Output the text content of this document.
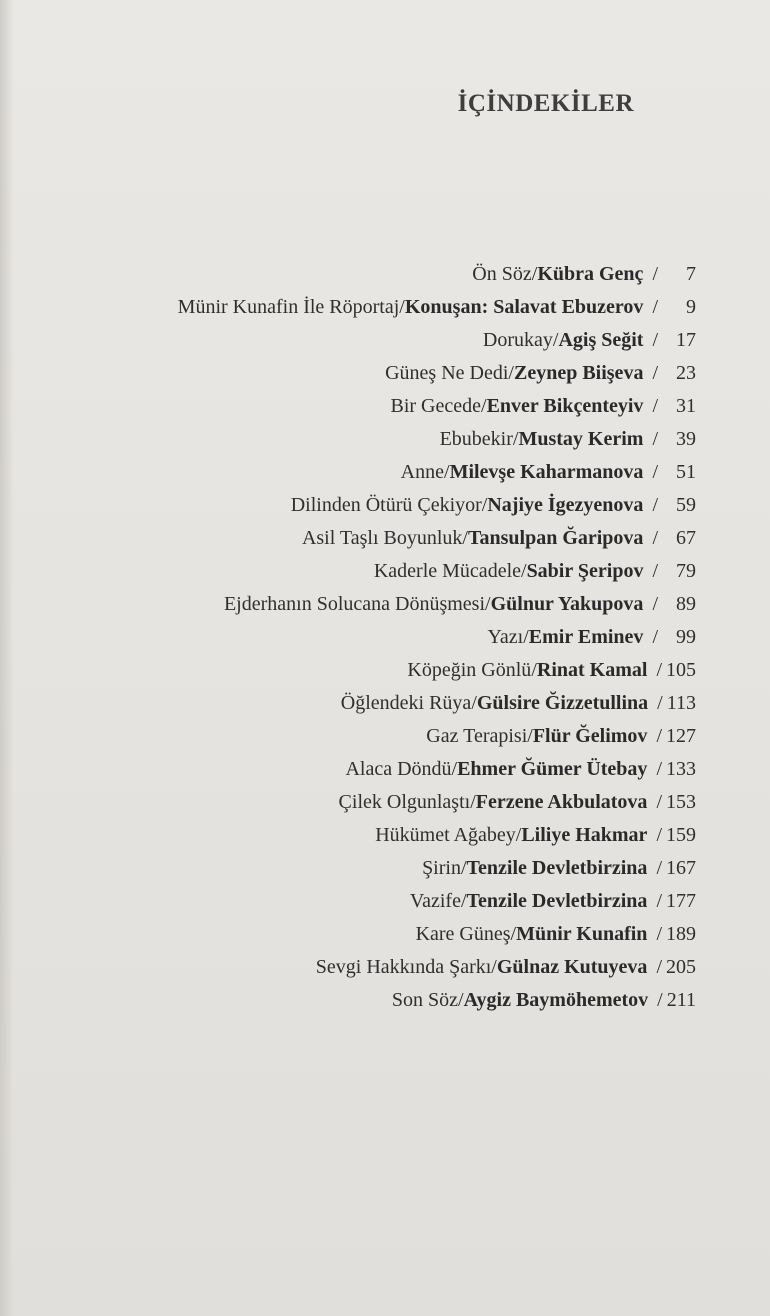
İÇİNDEKİLER
Ön Söz / Kübra Genç /	7
Münir Kunafin İle Röportaj / Konuşan: Salavat Ebuzerov /	9
Dorukay / Agiş Seğit / 17
Güneş Ne Dedi / Zeynep Biişeva / 23
Bir Gecede / Enver Bikçenteyiv / 31
Ebubekir / Mustay Kerim / 39
Anne / Milevşe Kaharmanova / 51
Dilinden Ötürü Çekiyor / Najiye İgezyenova / 59
Asil Taşlı Boyunluk / Tansulpan Ğaripova / 67
Kaderle Mücadele / Sabir Şeripov / 79
Ejderhanın Solucana Dönüşmesi / Gülnur Yakupova / 89
Yazı / Emir Eminev / 99
Köpeğin Gönlü / Rinat Kamal / 105
Öğlendeki Rüya / Gülsire Ğizzetullina / 113
Gaz Terapisi / Flür Ğelimov / 127
Alaca Döndü / Ehmer Ğümer Ütebay / 133
Çilek Olgunlaştı / Ferzene Akbulatova / 153
Hükümet Ağabey / Liliye Hakmar / 159
Şirin / Tenzile Devletbirzina / 167
Vazife / Tenzile Devletbirzina / 177
Kare Güneş / Münir Kunafin / 189
Sevgi Hakkında Şarkı / Gülnaz Kutuyeva / 205
Son Söz / Aygiz Baymöhemetov / 211
